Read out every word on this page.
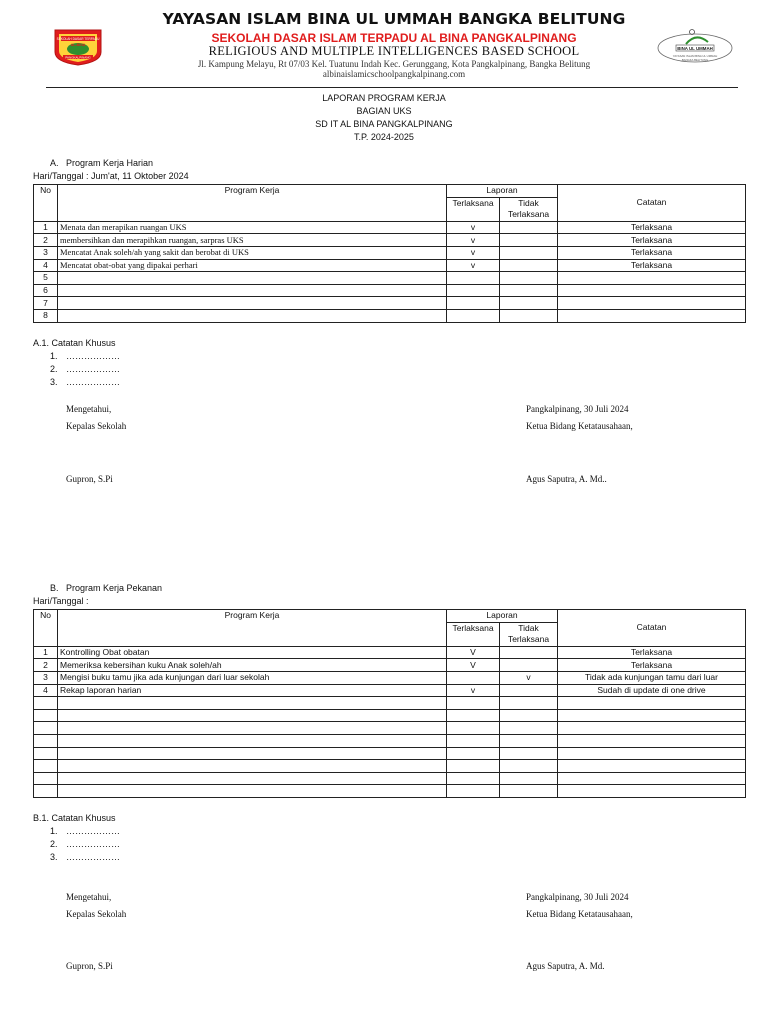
SEKOLAH DASAR TERPADU
AL-BINA
PANGKALPINANG
YAYASAN ISLAM BINA UL UMMAH BANGKA BELITUNG
SEKOLAH DASAR ISLAM TERPADU AL BINA PANGKALPINANG
RELIGIOUS AND MULTIPLE INTELLIGENCES BASED SCHOOL
Jl. Kampung Melayu, Rt 07/03 Kel. Tuatunu Indah Kec. Gerunggang, Kota Pangkalpinang, Bangka Belitung
albinaislamicschoolpangkalpinang.com
BINA UL UMMAH
YAYASAN ISLAM BINA UL UMMAH
BANGKA BELITUNG
LAPORAN PROGRAM KERJA
BAGIAN UKS
SD IT AL BINA PANGKALPINANG
T.P. 2024-2025
A. Program Kerja Harian
Hari/Tanggal : Jum'at, 11 Oktober 2024
No	Program Kerja	Laporan		Catatan
		Terlaksana	Tidak	
			Terlaksana	
1	Menata dan merapikan ruangan UKS	v		Terlaksana
2	membersihkan dan merapihkan ruangan, sarpras UKS	v		Terlaksana
3	Mencatat Anak soleh/ah yang sakit dan berobat di UKS	v		Terlaksana
4	Mencatat obat-obat yang dipakai perhari	v		Terlaksana
5				
6				
7				
8				
A.1. Catatan Khusus
1. ………………
2. ………………
3. ………………
Mengetahui,
Kepalas Sekolah
Gupron, S.Pi
Pangkalpinang, 30 Juli 2024
Ketua Bidang Ketatausahaan,
Agus Saputra, A. Md..
B. Program Kerja Pekanan
Hari/Tanggal :
No	Program Kerja	Laporan		Catatan
		Terlaksana	Tidak	
			Terlaksana	
1	Kontrolling Obat obatan	V		Terlaksana
2	Memeriksa kebersihan kuku Anak soleh/ah	V		Terlaksana
3	Mengisi buku tamu jika ada kunjungan dari luar sekolah		v	Tidak ada kunjungan tamu dari luar
4	Rekap laporan harian	v		Sudah di update di one drive

B.1. Catatan Khusus
1. ………………
2. ………………
3. ………………
Mengetahui,
Kepalas Sekolah
Gupron, S.Pi
Pangkalpinang, 30 Juli 2024
Ketua Bidang Ketatausahaan,
Agus Saputra, A. Md.
